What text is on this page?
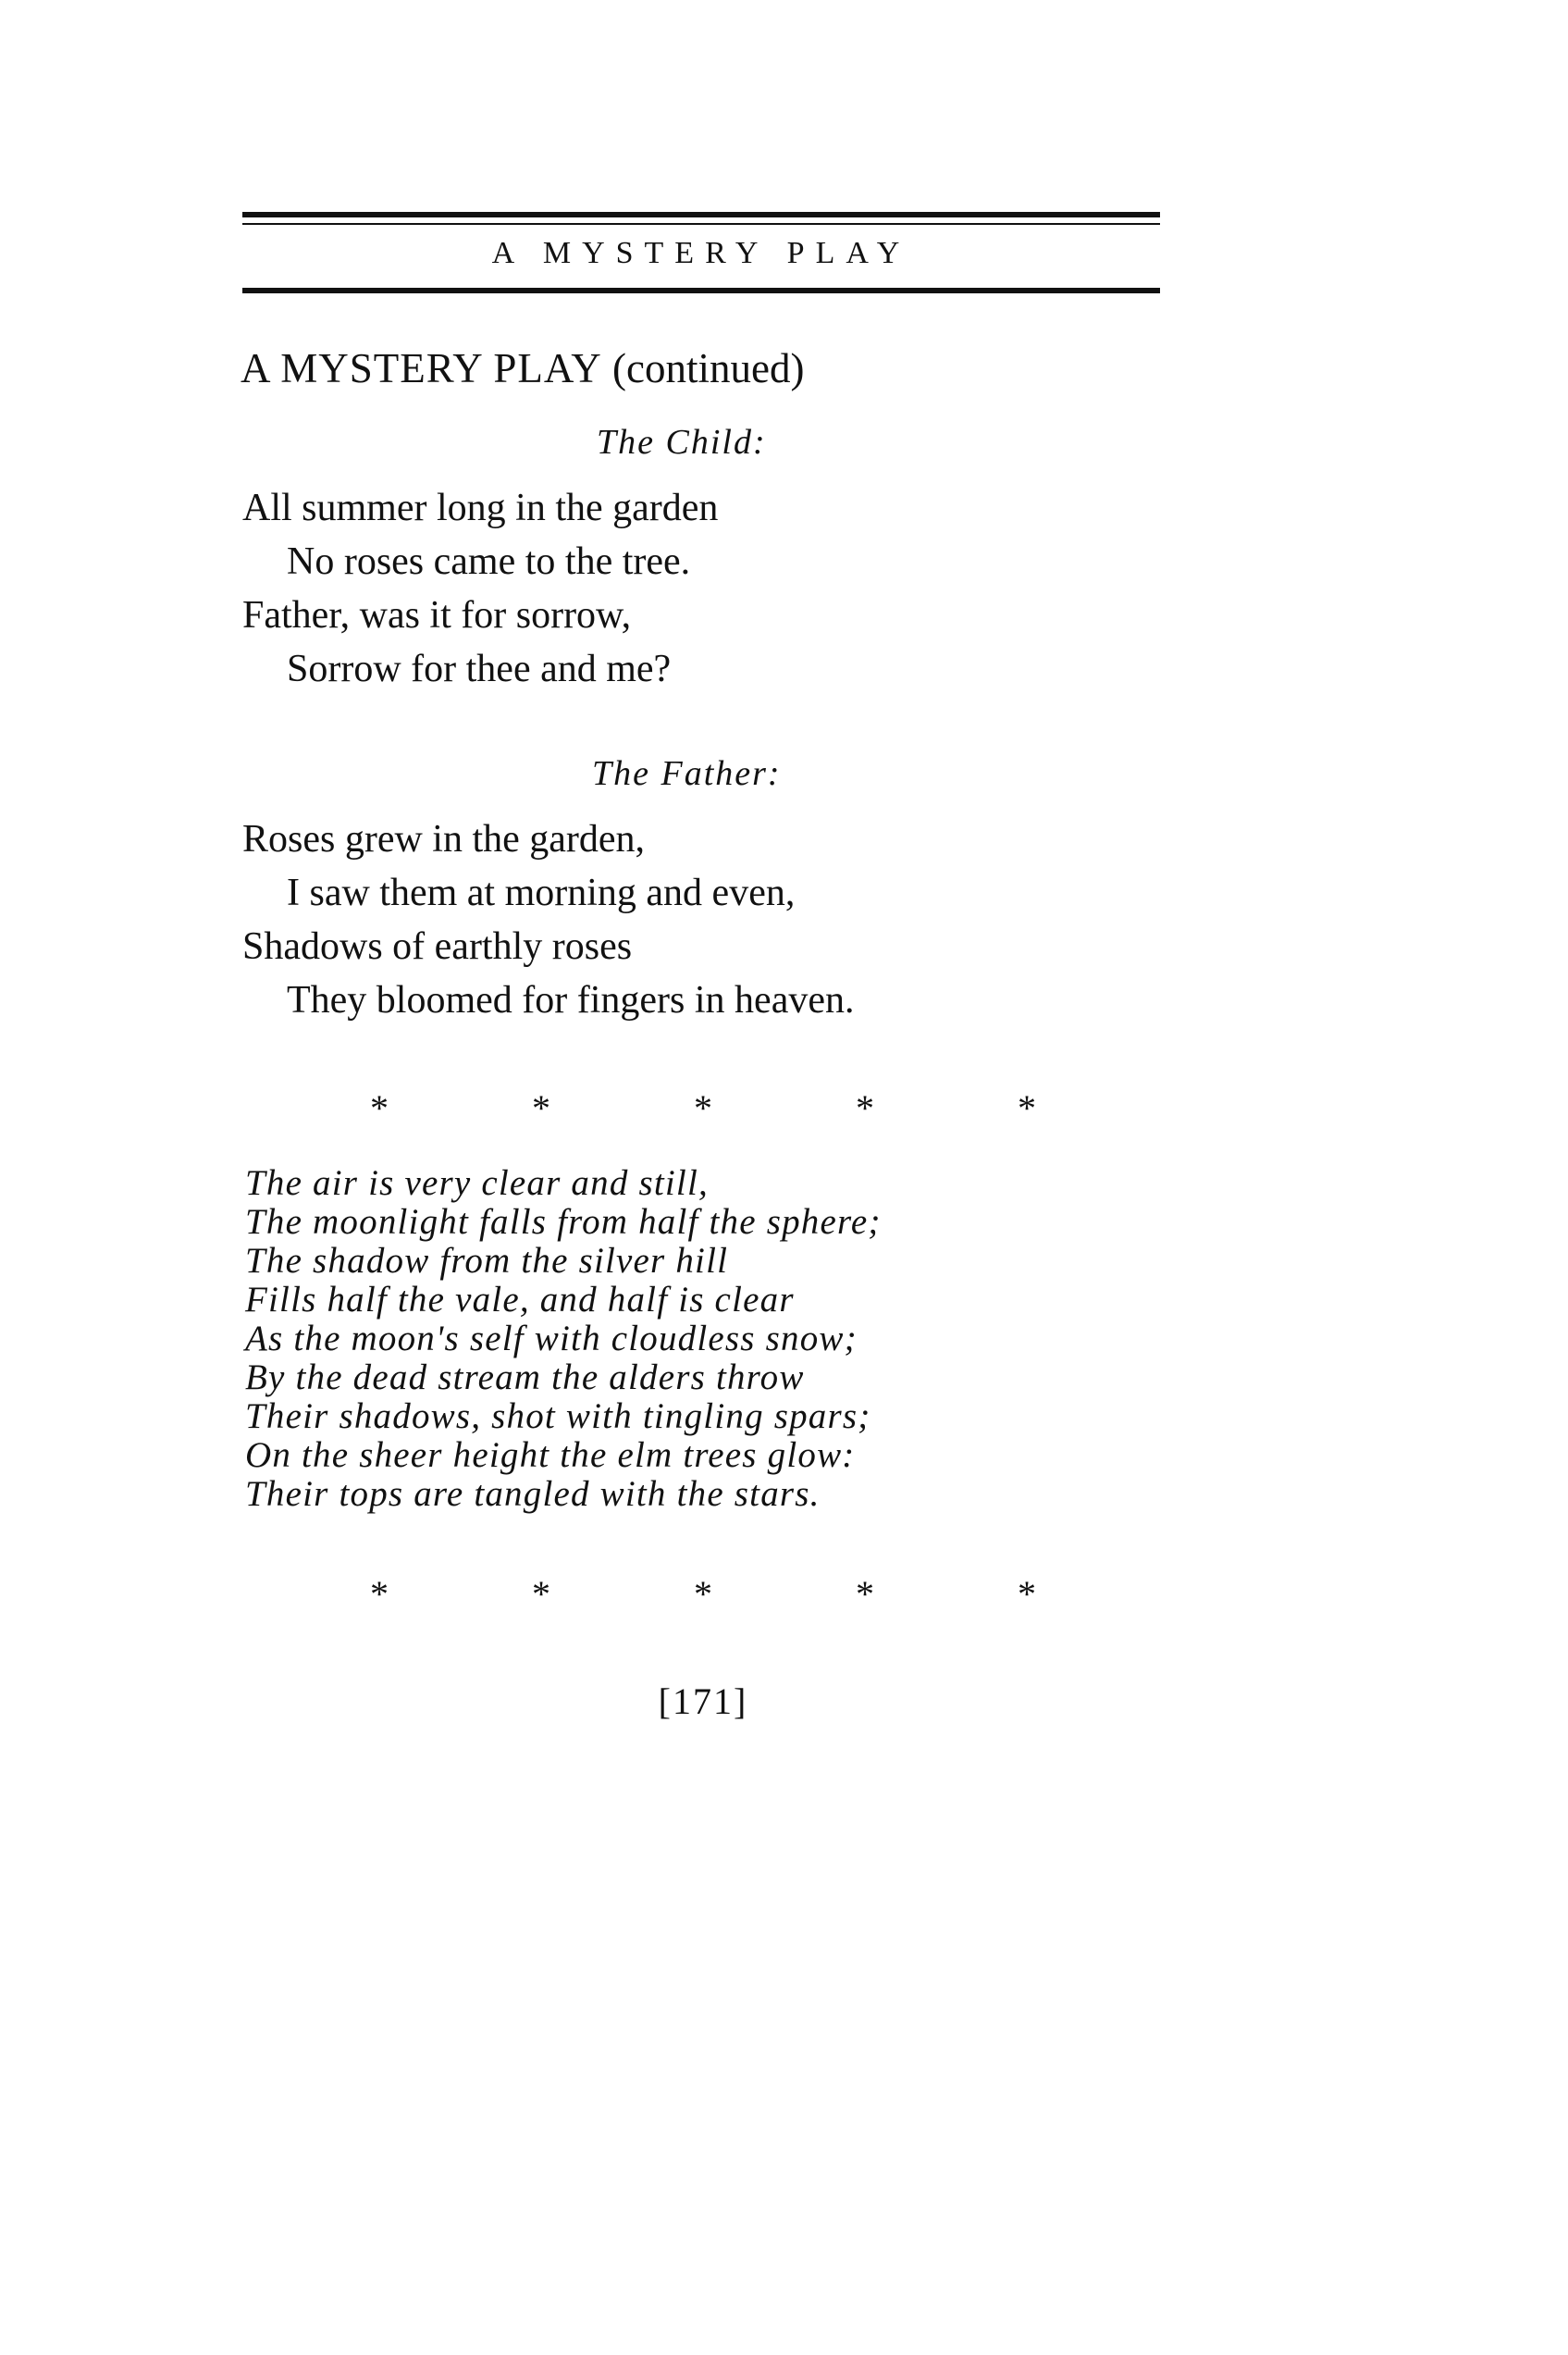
A MYSTERY PLAY
A MYSTERY PLAY (continued)
The Child:
All summer long in the garden
No roses came to the tree.
Father, was it for sorrow,
Sorrow for thee and me?
The Father:
Roses grew in the garden,
I saw them at morning and even,
Shadows of earthly roses
They bloomed for fingers in heaven.
*	*	*	*	*
The air is very clear and still,
The moonlight falls from half the sphere;
The shadow from the silver hill
Fills half the vale, and half is clear
As the moon's self with cloudless snow;
By the dead stream the alders throw
Their shadows, shot with tingling spars;
On the sheer height the elm trees glow:
Their tops are tangled with the stars.
*	*	*	*	*
[171]
